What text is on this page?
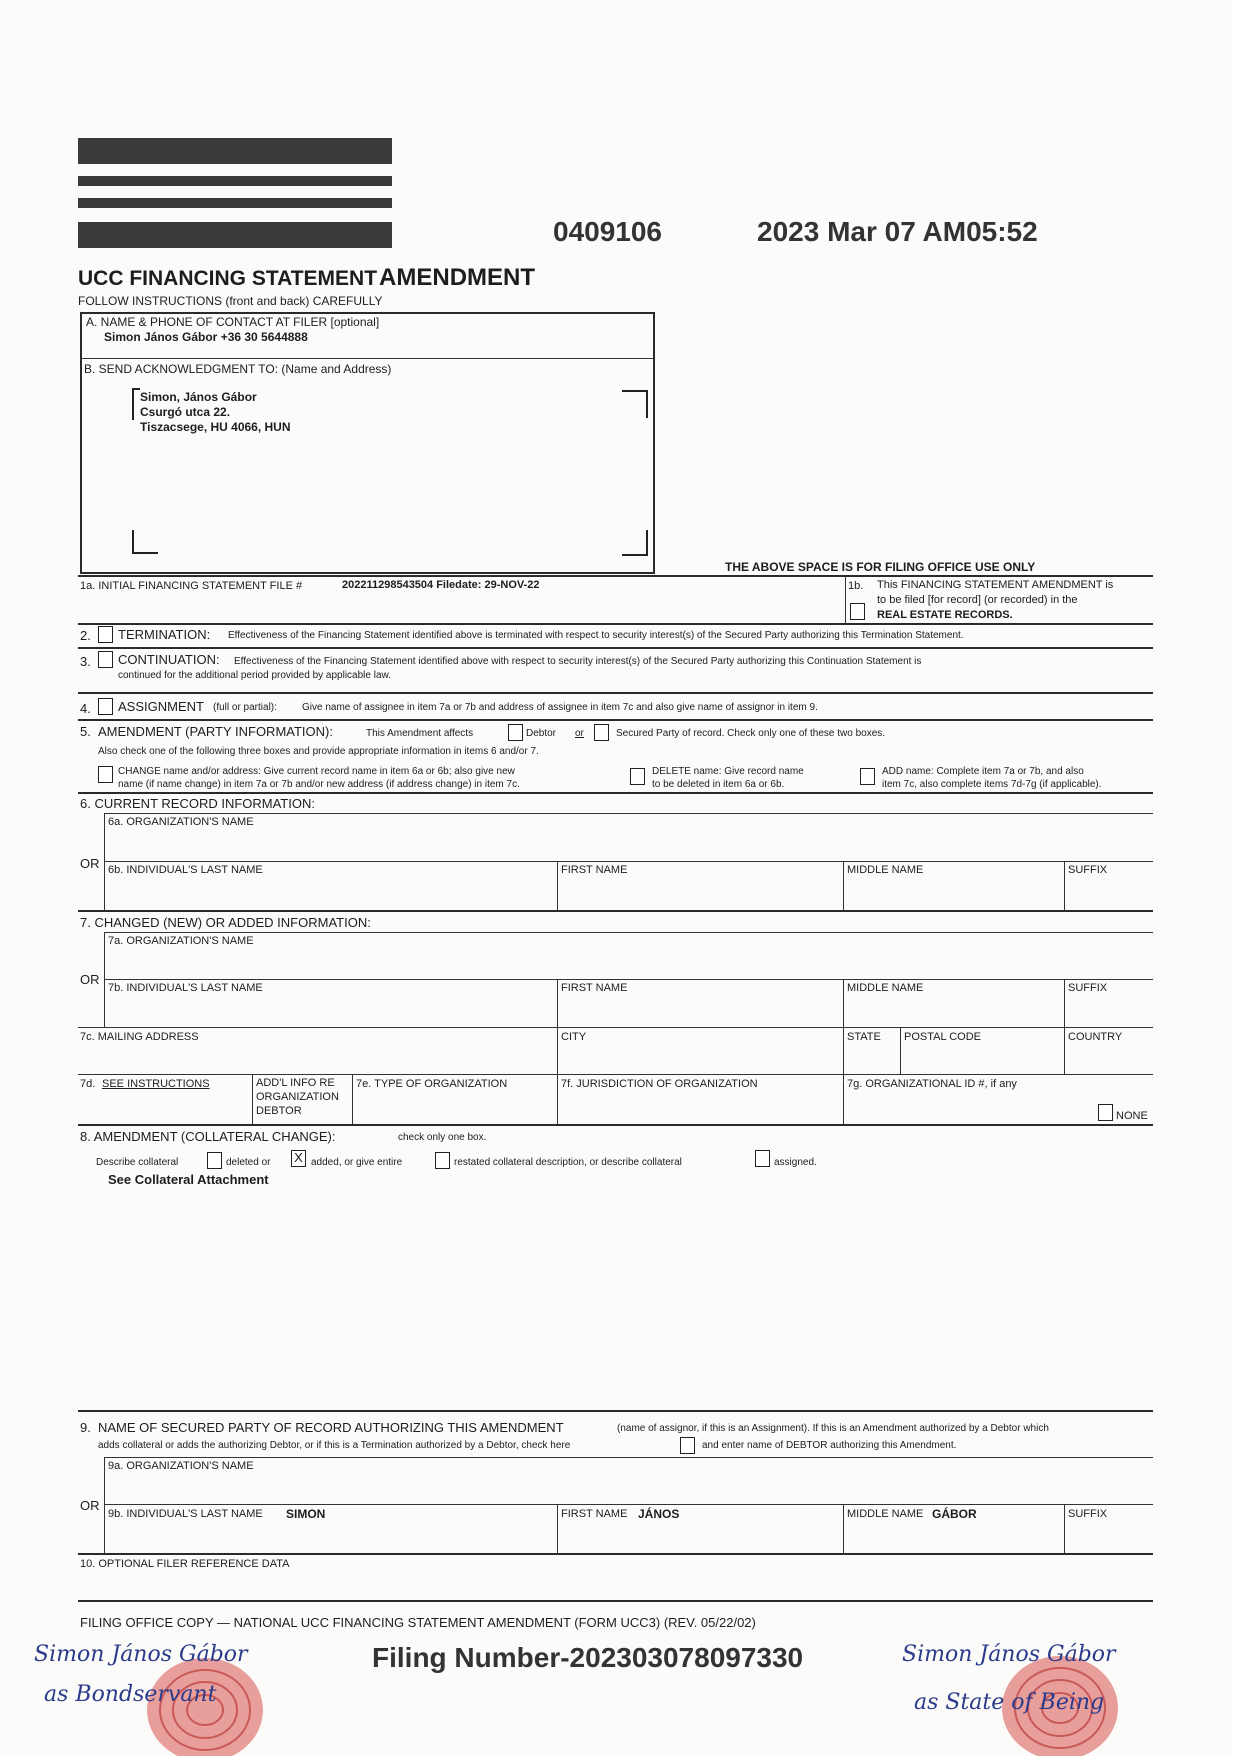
0409106	2023 Mar 07 AM05:52
UCC FINANCING STATEMENTAMENDMENT
FOLLOW INSTRUCTIONS (front and back) CAREFULLY
A. NAME & PHONE OF CONTACT AT FILER [optional]
Simon János Gábor +36 30 5644888
B. SEND ACKNOWLEDGMENT TO: (Name and Address)
Simon, János Gábor
Csurgó utca 22.
Tiszacsege, HU 4066, HUN
THE ABOVE SPACE IS FOR FILING OFFICE USE ONLY
1a. INITIAL FINANCING STATEMENT FILE #	202211298543504 Filedate: 29-NOV-22	1b. This FINANCING STATEMENT AMENDMENT is
to be filed [for record] (or recorded) in the
REAL ESTATE RECORDS.
2. TERMINATION: Effectiveness of the Financing Statement identified above is terminated with respect to security interest(s) of the Secured Party authorizing this Termination Statement.
3. CONTINUATION: Effectiveness of the Financing Statement identified above with respect to security interest(s) of the Secured Party authorizing this Continuation Statement is
continued for the additional period provided by applicable law.
4. ASSIGNMENT (full or partial):	Give name of assignee in item 7a or 7b and address of assignee in item 7c and also give name of assignor in item 9.
5. AMENDMENT (PARTY INFORMATION):	This Amendment affects	Debtor or	Secured Party of record. Check only one of these two boxes.
Also check one of the following three boxes and provide appropriate information in items 6 and/or 7.
CHANGE name and/or address: Give current record name in item 6a or 6b; also give new
name (if name change) in item 7a or 7b and/or new address (if address change) in item 7c.
DELETE name: Give record name
to be deleted in item 6a or 6b.
ADD name: Complete item 7a or 7b, and also
item 7c, also complete items 7d-7g (if applicable).
6. CURRENT RECORD INFORMATION:
6a. ORGANIZATION'S NAME
OR 6b. INDIVIDUAL'S LAST NAME	FIRST NAME	MIDDLE NAME	SUFFIX
7. CHANGED (NEW) OR ADDED INFORMATION:
7a. ORGANIZATION'S NAME
OR
7b. INDIVIDUAL'S LAST NAME	FIRST NAME	MIDDLE NAME	SUFFIX
7c. MAILING ADDRESS	CITY	STATE POSTAL CODE	COUNTRY
7d. SEE INSTRUCTIONS	ADD'L INFO RE
ORGANIZATION
DEBTOR
7e. TYPE OF ORGANIZATION	7f. JURISDICTION OF ORGANIZATION	7g. ORGANIZATIONAL ID #, if any
NONE
8. AMENDMENT (COLLATERAL CHANGE):	check only one box.
Describe collateral	deleted or X added, or give entire	restated collateral description, or describe collateral	assigned.
See Collateral Attachment
9. NAME OF SECURED PARTY OF RECORD AUTHORIZING THIS AMENDMENT	(name of assignor, if this is an Assignment). If this is an Amendment authorized by a Debtor which
adds collateral or adds the authorizing Debtor, or if this is a Termination authorized by a Debtor, check here	and enter name of DEBTOR authorizing this Amendment.
9a. ORGANIZATION'S NAME
OR
9b. INDIVIDUAL'S LAST NAME SIMON	FIRST NAME JÁNOS	MIDDLE NAME GÁBOR	SUFFIX
10. OPTIONAL FILER REFERENCE DATA
FILING OFFICE COPY — NATIONAL UCC FINANCING STATEMENT AMENDMENT (FORM UCC3) (REV. 05/22/02)
Filing Number-202303078097330
Simon János Gábor
as Bondservant
Simon János Gábor
as State of Being
